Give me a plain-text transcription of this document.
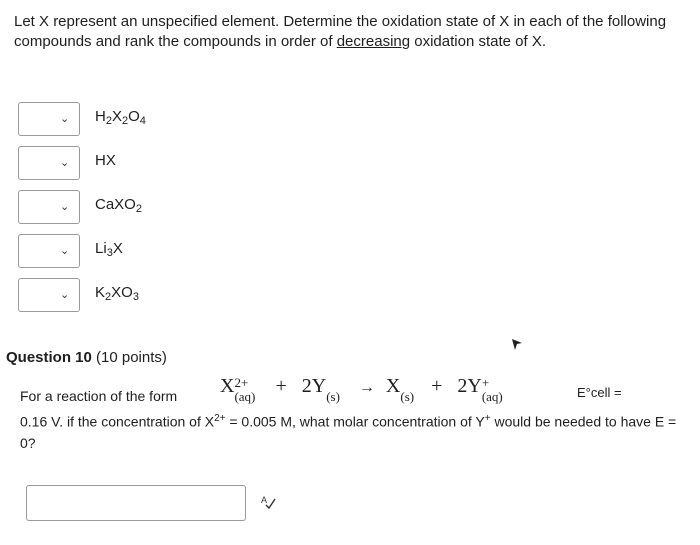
Let X represent an unspecified element. Determine the oxidation state of X in each of the following compounds and rank the compounds in order of decreasing oxidation state of X.

⌄ $H_2X_2O_4$
⌄ HX
⌄ CaXO$_2$
⌄ $Li_3X$
⌄ $K_2XO_3$
Question 10 (10 points)
For a reaction of the form X 2+
$(aq) + 2Y_{(s)} \to X_{(s)} + 2Y$ +
(aq)	E°cell =
0.16 V. if the concentration of $X^{2+} = 0.005$ M, what molar concentration of Y+ would be needed to have E = 0?
A
